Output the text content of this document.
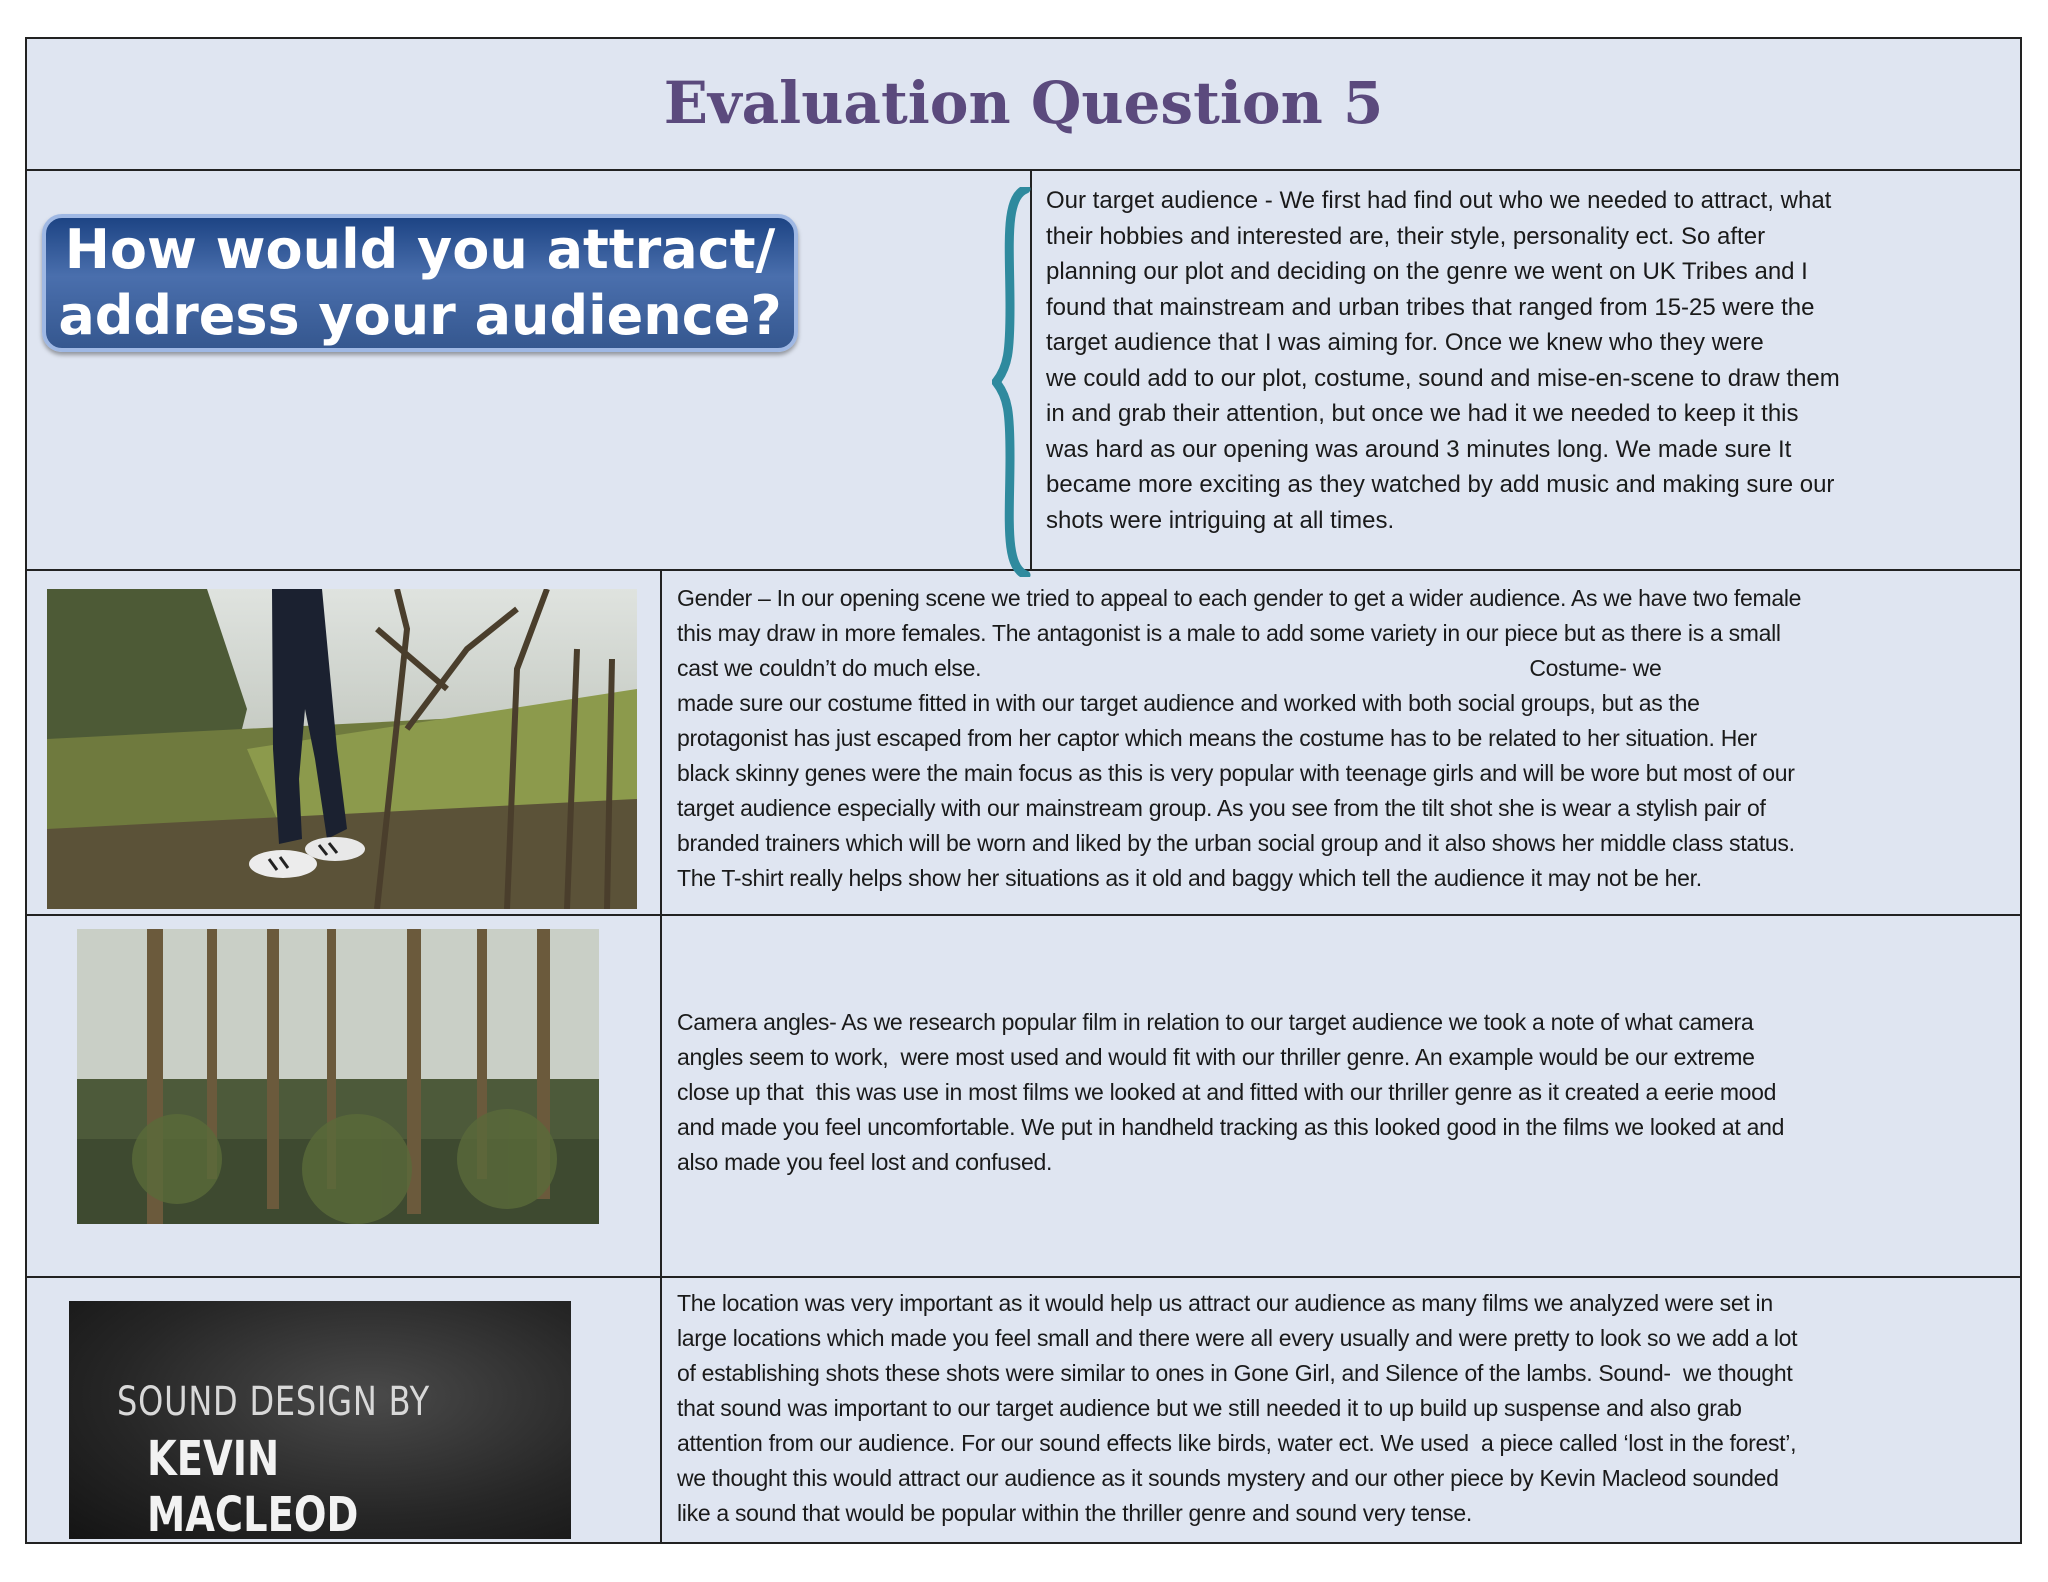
Evaluation Question 5
How would you attract/
address your audience?
Our target audience - We first had find out who we needed to attract, what
their hobbies and interested are, their style, personality ect. So after
planning our plot and deciding on the genre we went on UK Tribes and I
found that mainstream and urban tribes that ranged from 15-25 were the
target audience that I was aiming for. Once we knew who they were
we could add to our plot, costume, sound and mise-en-scene to draw them
in and grab their attention, but once we had it we needed to keep it this
was hard as our opening was around 3 minutes long. We made sure It
became more exciting as they watched by add music and making sure our
shots were intriguing at all times.
Gender – In our opening scene we tried to appeal to each gender to get a wider audience. As we have two female
this may draw in more females. The antagonist is a male to add some variety in our piece but as there is a small
cast we couldn’t do much else.                                                                                          Costume- we
made sure our costume fitted in with our target audience and worked with both social groups, but as the
protagonist has just escaped from her captor which means the costume has to be related to her situation. Her
black skinny genes were the main focus as this is very popular with teenage girls and will be wore but most of our
target audience especially with our mainstream group. As you see from the tilt shot she is wear a stylish pair of
branded trainers which will be worn and liked by the urban social group and it also shows her middle class status.
The T-shirt really helps show her situations as it old and baggy which tell the audience it may not be her.
Camera angles- As we research popular film in relation to our target audience we took a note of what camera
angles seem to work,  were most used and would fit with our thriller genre. An example would be our extreme
close up that  this was use in most films we looked at and fitted with our thriller genre as it created a eerie mood
and made you feel uncomfortable. We put in handheld tracking as this looked good in the films we looked at and
also made you feel lost and confused.
SOUND DESIGN BY
KEVIN MACLEOD
The location was very important as it would help us attract our audience as many films we analyzed were set in
large locations which made you feel small and there were all every usually and were pretty to look so we add a lot
of establishing shots these shots were similar to ones in Gone Girl, and Silence of the lambs. Sound-  we thought
that sound was important to our target audience but we still needed it to up build up suspense and also grab
attention from our audience. For our sound effects like birds, water ect. We used  a piece called ‘lost in the forest’,
we thought this would attract our audience as it sounds mystery and our other piece by Kevin Macleod sounded
like a sound that would be popular within the thriller genre and sound very tense.
